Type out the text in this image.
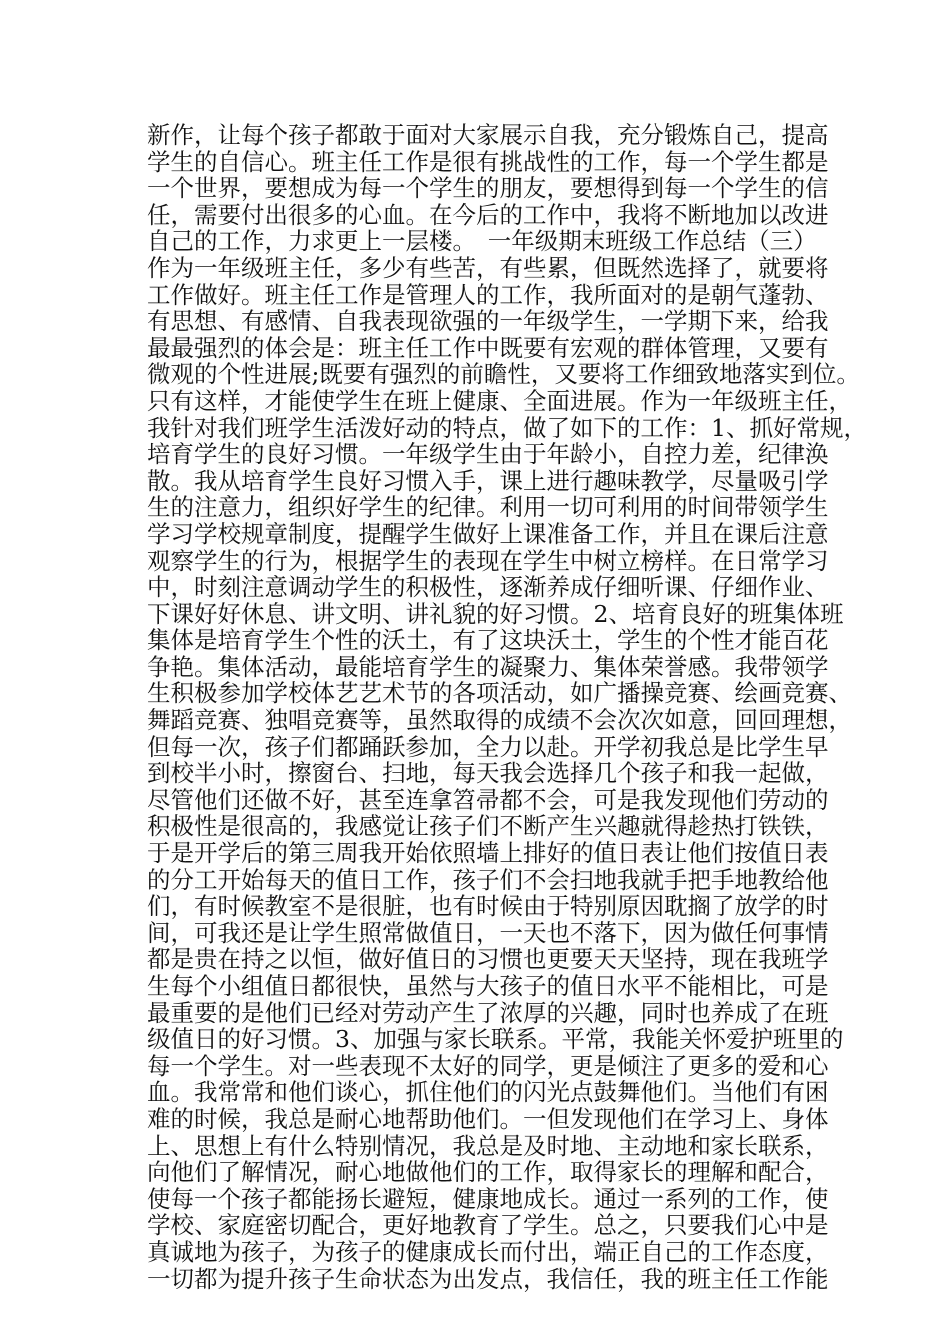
新作，让每个孩子都敢于面对大家展示自我，充分锻炼自己，提高
学生的自信心。班主任工作是很有挑战性的工作，每一个学生都是
一个世界，要想成为每一个学生的朋友，要想得到每一个学生的信
任，需要付出很多的心血。在今后的工作中，我将不断地加以改进
自己的工作，力求更上一层楼。　一年级期末班级工作总结（三）
作为一年级班主任，多少有些苦，有些累，但既然选择了，就要将
工作做好。班主任工作是管理人的工作，我所面对的是朝气蓬勃、
有思想、有感情、自我表现欲强的一年级学生，一学期下来，给我
最最强烈的体会是：班主任工作中既要有宏观的群体管理，又要有
微观的个性进展;既要有强烈的前瞻性，又要将工作细致地落实到位。
只有这样，才能使学生在班上健康、全面进展。作为一年级班主任，
我针对我们班学生活泼好动的特点，做了如下的工作：1、抓好常规，
培育学生的良好习惯。一年级学生由于年龄小，自控力差，纪律涣
散。我从培育学生良好习惯入手，课上进行趣味教学，尽量吸引学
生的注意力，组织好学生的纪律。利用一切可利用的时间带领学生
学习学校规章制度，提醒学生做好上课准备工作，并且在课后注意
观察学生的行为，根据学生的表现在学生中树立榜样。在日常学习
中，时刻注意调动学生的积极性，逐渐养成仔细听课、仔细作业、
下课好好休息、讲文明、讲礼貌的好习惯。2、培育良好的班集体班
集体是培育学生个性的沃土，有了这块沃土，学生的个性才能百花
争艳。集体活动，最能培育学生的凝聚力、集体荣誉感。我带领学
生积极参加学校体艺艺术节的各项活动，如广播操竞赛、绘画竞赛、
舞蹈竞赛、独唱竞赛等，虽然取得的成绩不会次次如意，回回理想，
但每一次，孩子们都踊跃参加，全力以赴。开学初我总是比学生早
到校半小时，擦窗台、扫地，每天我会选择几个孩子和我一起做，
尽管他们还做不好，甚至连拿笤帚都不会，可是我发现他们劳动的
积极性是很高的，我感觉让孩子们不断产生兴趣就得趁热打铁铁，
于是开学后的第三周我开始依照墙上排好的值日表让他们按值日表
的分工开始每天的值日工作，孩子们不会扫地我就手把手地教给他
们，有时候教室不是很脏，也有时候由于特别原因耽搁了放学的时
间，可我还是让学生照常做值日，一天也不落下，因为做任何事情
都是贵在持之以恒，做好值日的习惯也更要天天坚持，现在我班学
生每个小组值日都很快，虽然与大孩子的值日水平不能相比，可是
最重要的是他们已经对劳动产生了浓厚的兴趣，同时也养成了在班
级值日的好习惯。3、加强与家长联系。平常，我能关怀爱护班里的
每一个学生。对一些表现不太好的同学，更是倾注了更多的爱和心
血。我常常和他们谈心，抓住他们的闪光点鼓舞他们。当他们有困
难的时候，我总是耐心地帮助他们。一但发现他们在学习上、身体
上、思想上有什么特别情况，我总是及时地、主动地和家长联系，
向他们了解情况，耐心地做他们的工作，取得家长的理解和配合，
使每一个孩子都能扬长避短，健康地成长。通过一系列的工作，使
学校、家庭密切配合，更好地教育了学生。总之，只要我们心中是
真诚地为孩子，为孩子的健康成长而付出，端正自己的工作态度，
一切都为提升孩子生命状态为出发点，我信任，我的班主任工作能
